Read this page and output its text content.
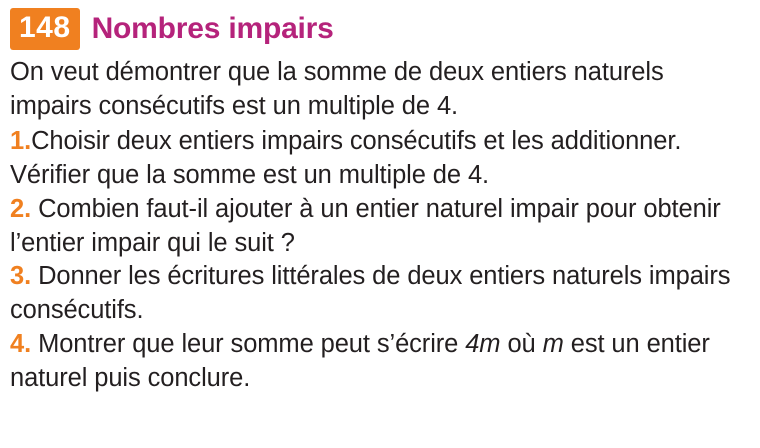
148 Nombres impairs

On veut démontrer que la somme de deux entiers naturels impairs consécutifs est un multiple de 4.

1.Choisir deux entiers impairs consécutifs et les additionner. Vérifier que la somme est un multiple de 4.

2. Combien faut-il ajouter à un entier naturel impair pour obtenir l’entier impair qui le suit ?

3. Donner les écritures littérales de deux entiers naturels impairs consécutifs.

4. Montrer que leur somme peut s’écrire 4m où m est un entier naturel puis conclure.
